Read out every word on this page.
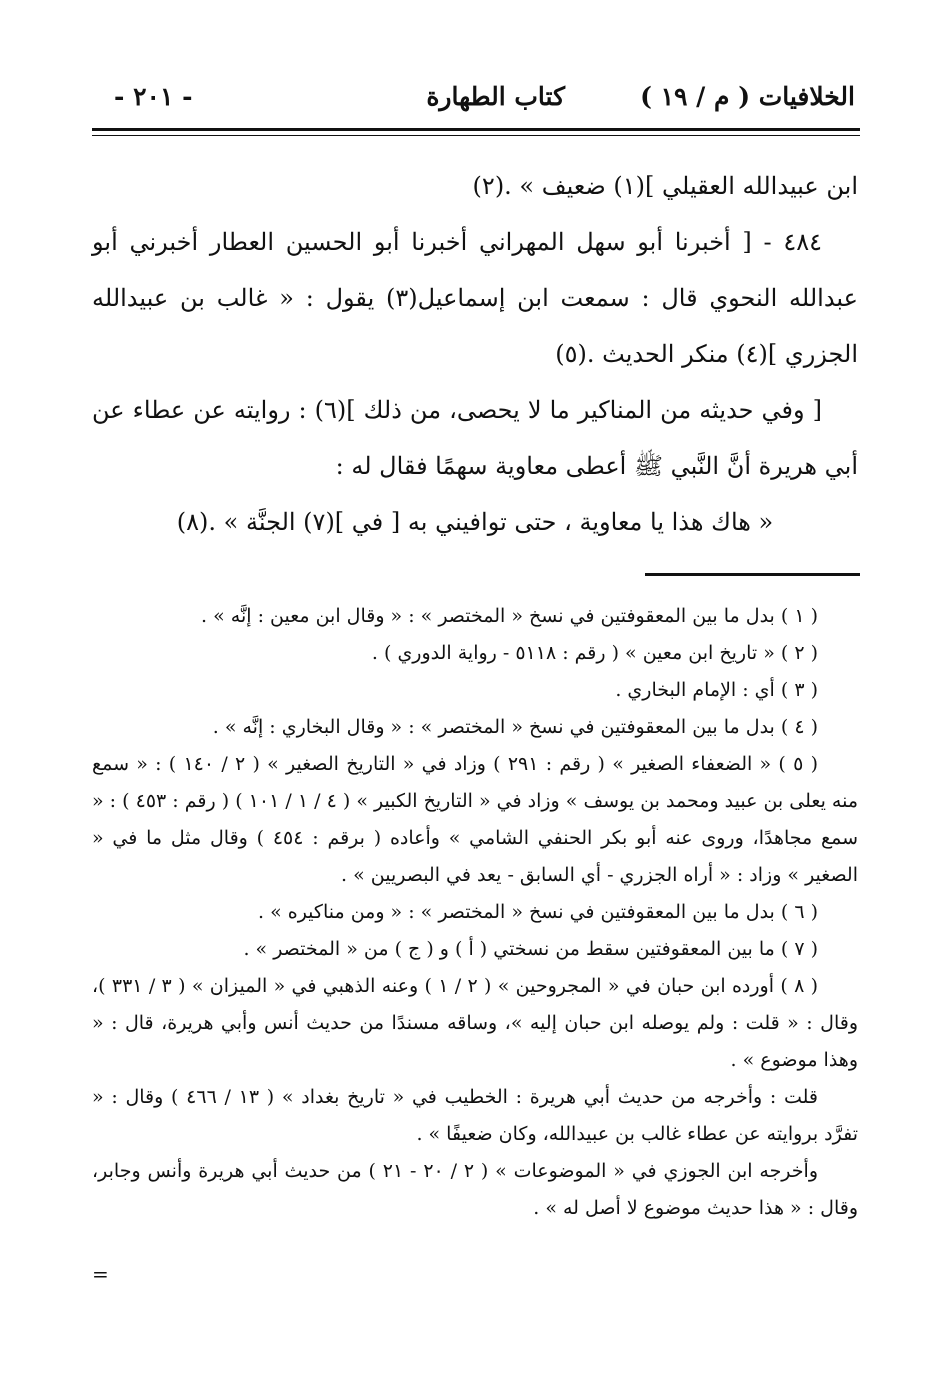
الخلافيات ( م / ١٩ )
كتاب الطهارة
- ٢٠١ -

ابن عبيدالله العقيلي ](١) ضعيف » .(٢)

٤٨٤ - [ أخبرنا أبو سهل المهراني أخبرنا أبو الحسين العطار أخبرني أبو عبدالله النحوي قال : سمعت ابن إسماعيل(٣) يقول : « غالب بن عبيدالله الجزري ](٤) منكر الحديث .(٥)

[ وفي حديثه من المناكير ما لا يحصى، من ذلك ](٦) : روايته عن عطاء عن أبي هريرة أنَّ النَّبي ﷺ أعطى معاوية سهمًا فقال له :

« هاك هذا يا معاوية ، حتى توافيني به [ في ](٧) الجنَّة » .(٨)

( ١ ) بدل ما بين المعقوفتين في نسخ « المختصر » : « وقال ابن معين : إنَّه » .

( ٢ ) « تاريخ ابن معين » ( رقم : ٥١١٨ - رواية الدوري ) .

( ٣ ) أي : الإمام البخاري .

( ٤ ) بدل ما بين المعقوفتين في نسخ « المختصر » : « وقال البخاري : إنَّه » .

( ٥ ) « الضعفاء الصغير » ( رقم : ٢٩١ ) وزاد في « التاريخ الصغير » ( ٢ / ١٤٠ ) : « سمع منه يعلى بن عبيد ومحمد بن يوسف » وزاد في « التاريخ الكبير » ( ٤ / ١ / ١٠١ ) ( رقم : ٤٥٣ ) : « سمع مجاهدًا، وروى عنه أبو بكر الحنفي الشامي » وأعاده ( برقم : ٤٥٤ ) وقال مثل ما في « الصغير » وزاد : « أراه الجزري - أي السابق - يعد في البصريين » .

( ٦ ) بدل ما بين المعقوفتين في نسخ « المختصر » : « ومن مناكيره » .

( ٧ ) ما بين المعقوفتين سقط من نسختي ( أ ) و ( ج ) من « المختصر » .

( ٨ ) أورده ابن حبان في « المجروحين » ( ٢ / ١ ) وعنه الذهبي في « الميزان » ( ٣ / ٣٣١ )، وقال : « قلت : ولم يوصله ابن حبان إليه »، وساقه مسندًا من حديث أنس وأبي هريرة، قال : « وهذا موضوع » .

قلت : وأخرجه من حديث أبي هريرة : الخطيب في « تاريخ بغداد » ( ١٣ / ٤٦٦ ) وقال : « تفرَّد بروايته عن عطاء غالب بن عبيدالله، وكان ضعيفًا » .

وأخرجه ابن الجوزي في « الموضوعات » ( ٢ / ٢٠ - ٢١ ) من حديث أبي هريرة وأنس وجابر، وقال : « هذا حديث موضوع لا أصل له » .

=
